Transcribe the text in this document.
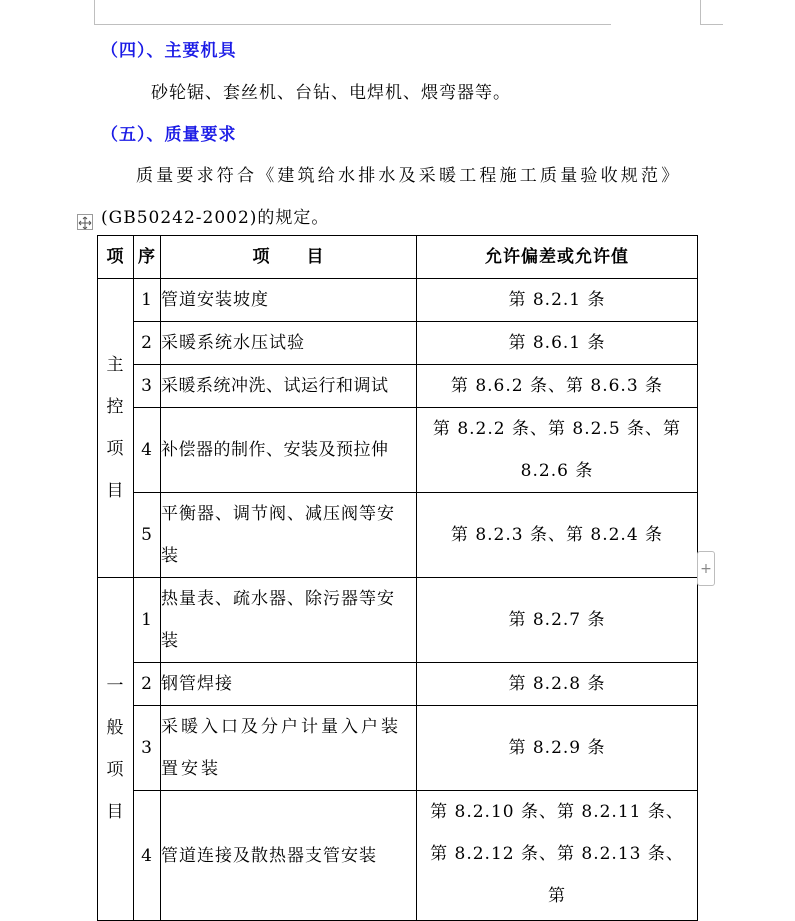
（四）、主要机具
砂轮锯、套丝机、台钻、电焊机、煨弯器等。
（五）、质量要求
质量要求符合《建筑给水排水及采暖工程施工质量验收规范》
(GB50242-2002)的规定。
项	序	项　　目	允许偏差或允许值

主
控
项
目	1	管道安装坡度	第 8.2.1 条
	2	采暖系统水压试验	第 8.6.1 条
	3	采暖系统冲洗、试运行和调试	第 8.6.2 条、第 8.6.3 条
	4	补偿器的制作、安装及预拉伸	第 8.2.2 条、第 8.2.5 条、第 8.2.6 条
	5	平衡器、调节阀、减压阀等安装	第 8.2.3 条、第 8.2.4 条

一
般
项
目	1	热量表、疏水器、除污器等安装	第 8.2.7 条
	2	钢管焊接	第 8.2.8 条
	3	采暖入口及分户计量入户装置安装	第 8.2.9 条
	4	管道连接及散热器支管安装	第 8.2.10 条、第 8.2.11 条、第 8.2.12 条、第 8.2.13 条、第
+
